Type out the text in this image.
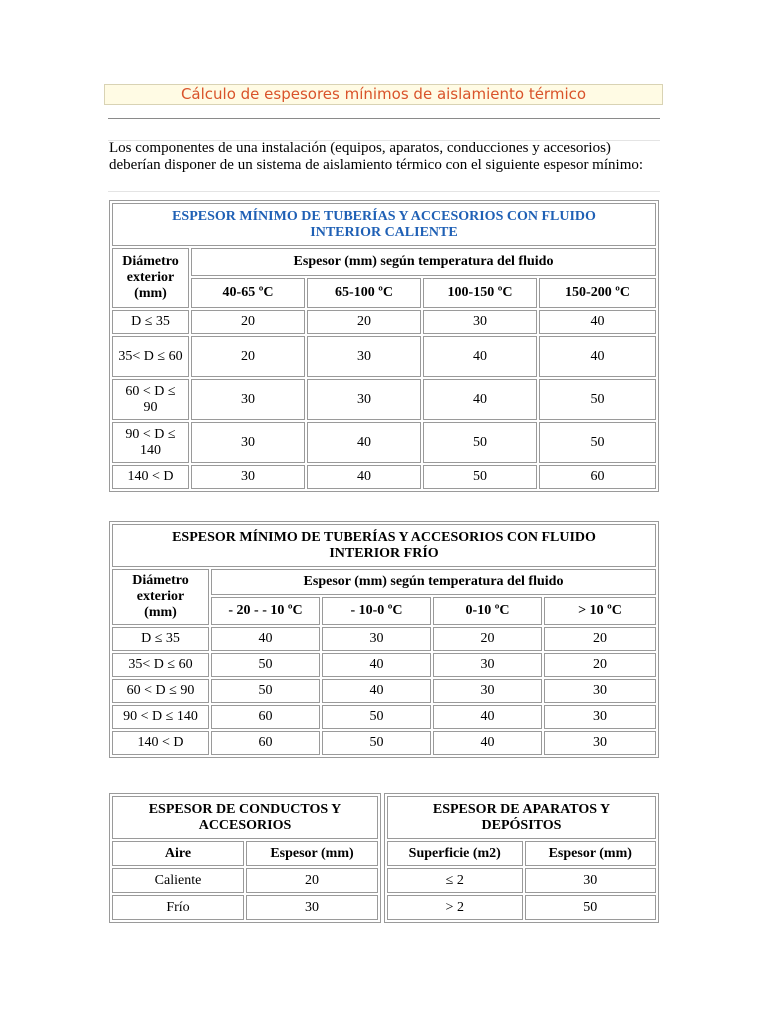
Cálculo de espesores mínimos de aislamiento térmico
Los componentes de una instalación (equipos, aparatos, conducciones y accesorios) deberían disponer de un sistema de aislamiento térmico con el siguiente espesor mínimo:
ESPESOR MÍNIMO DE TUBERÍAS Y ACCESORIOS CON FLUIDO INTERIOR CALIENTE				
Diámetro exterior (mm)	Espesor (mm) según temperatura del fluido			
	40-65 ºC	65-100 ºC	100-150 ºC	150-200 ºC
D ≤ 35	20	20	30	40
35< D ≤ 60	20	30	40	40
60 < D ≤ 90	30	30	40	50
90 < D ≤ 140	30	40	50	50
140 < D	30	40	50	60
ESPESOR MÍNIMO DE TUBERÍAS Y ACCESORIOS CON FLUIDO INTERIOR FRÍO				
Diámetro exterior (mm)	Espesor (mm) según temperatura del fluido			
	- 20 - - 10 ºC	- 10-0 ºC	0-10 ºC	> 10 ºC
D ≤ 35	40	30	20	20
35< D ≤ 60	50	40	30	20
60 < D ≤ 90	50	40	30	30
90 < D ≤ 140	60	50	40	30
140 < D	60	50	40	30
ESPESOR DE CONDUCTOS Y ACCESORIOS	
Aire	Espesor (mm)
Caliente	20
Frío	30
ESPESOR DE APARATOS Y DEPÓSITOS	
Superficie (m2)	Espesor (mm)
≤ 2	30
> 2	50
